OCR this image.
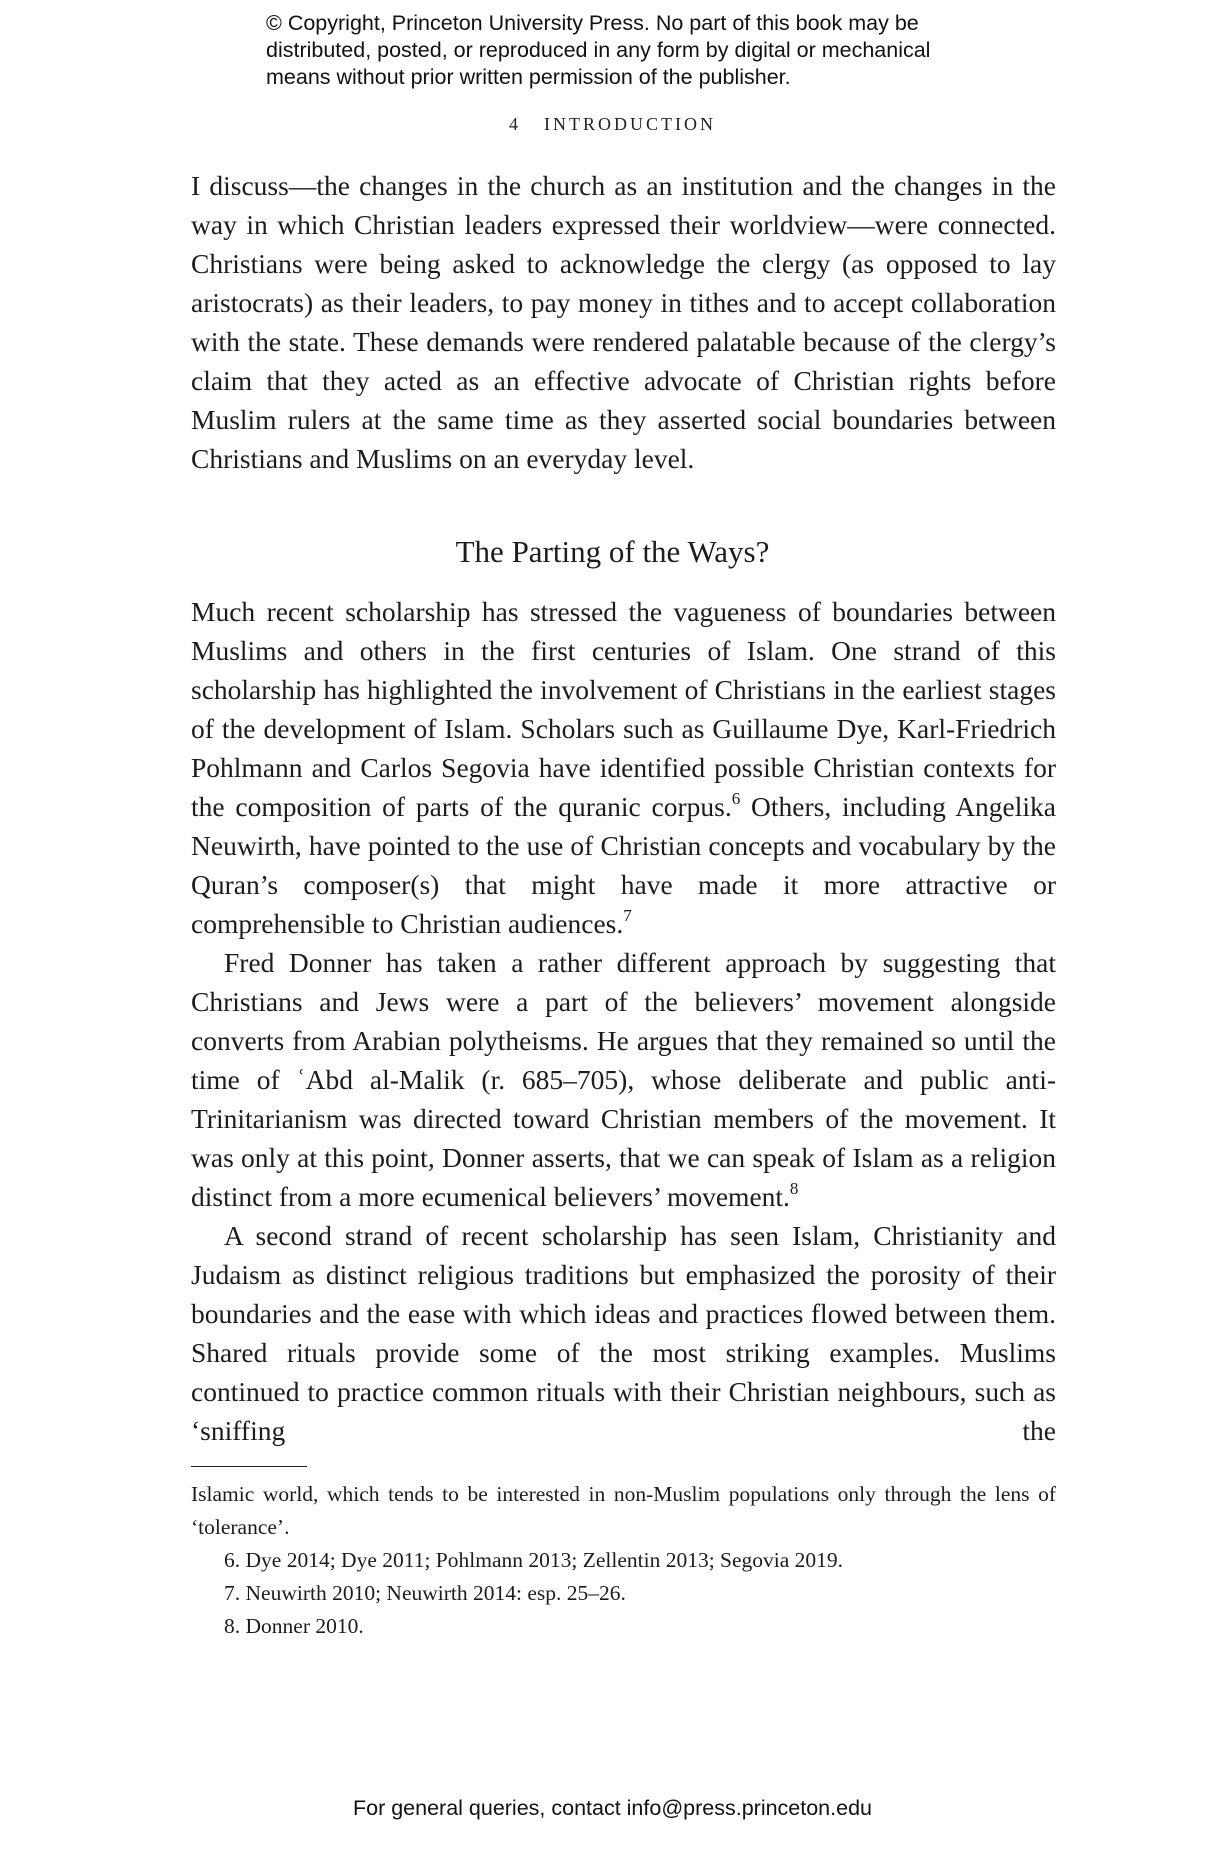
© Copyright, Princeton University Press. No part of this book may be

distributed, posted, or reproduced in any form by digital or mechanical

means without prior written permission of the publisher.

4 INTRODUCTION

I discuss—the changes in the church as an institution and the changes in the way in which Christian leaders expressed their worldview—were connected. Christians were being asked to acknowledge the clergy (as opposed to lay aristocrats) as their leaders, to pay money in tithes and to accept collaboration with the state. These demands were rendered palatable because of the clergy’s claim that they acted as an effective advocate of Christian rights before Muslim rulers at the same time as they asserted social boundaries between Christians and Muslims on an everyday level.

The Parting of the Ways?

Much recent scholarship has stressed the vagueness of boundaries between Muslims and others in the first centuries of Islam. One strand of this scholarship has highlighted the involvement of Christians in the earliest stages of the development of Islam. Scholars such as Guillaume Dye, Karl-Friedrich Pohlmann and Carlos Segovia have identified possible Christian contexts for the composition of parts of the quranic corpus.$^6$ Others, including Angelika Neuwirth, have pointed to the use of Christian concepts and vocabulary by the Quran’s composer(s) that might have made it more attractive or comprehensible to Christian audiences.$^7$

Fred Donner has taken a rather different approach by suggesting that Christians and Jews were a part of the believers’ movement alongside converts from Arabian polytheisms. He argues that they remained so until the time of ʿAbd al-Malik (r. 685–705), whose deliberate and public anti-Trinitarianism was directed toward Christian members of the movement. It was only at this point, Donner asserts, that we can speak of Islam as a religion distinct from a more ecumenical believers’ movement.$^8$

A second strand of recent scholarship has seen Islam, Christianity and Judaism as distinct religious traditions but emphasized the porosity of their boundaries and the ease with which ideas and practices flowed between them. Shared rituals provide some of the most striking examples. Muslims continued to practice common rituals with their Christian neighbours, such as ‘sniffing the

Islamic world, which tends to be interested in non-Muslim populations only through the lens of ‘tolerance’.

6. Dye 2014; Dye 2011; Pohlmann 2013; Zellentin 2013; Segovia 2019.

7. Neuwirth 2010; Neuwirth 2014: esp. 25–26.

8. Donner 2010.

For general queries, contact info@press.princeton.edu
